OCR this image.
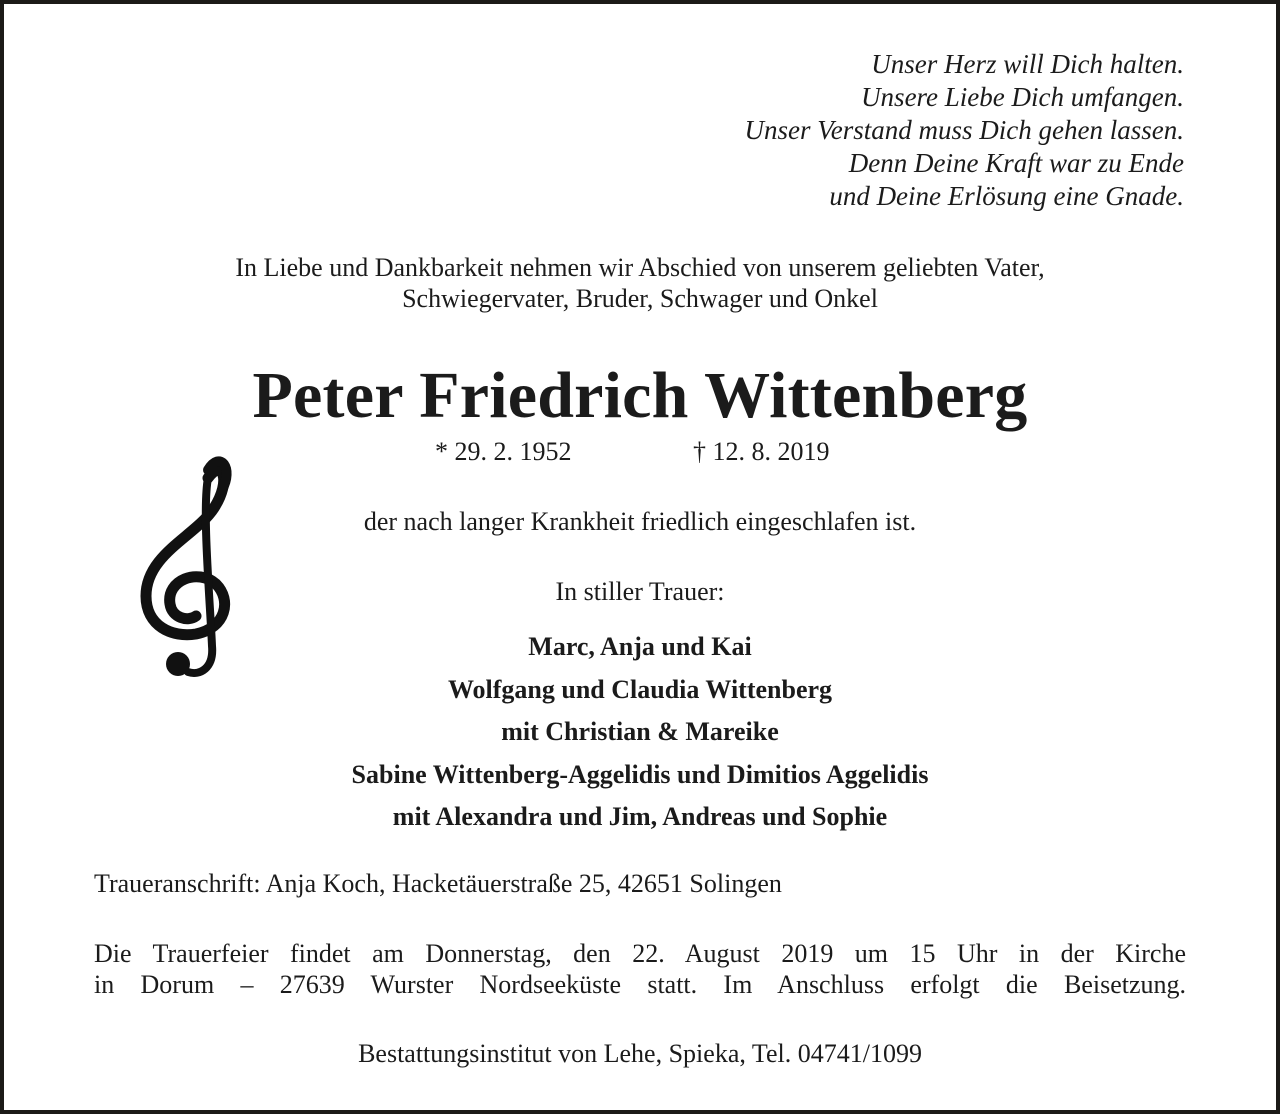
Unser Herz will Dich halten.
Unsere Liebe Dich umfangen.
Unser Verstand muss Dich gehen lassen.
Denn Deine Kraft war zu Ende
und Deine Erlösung eine Gnade.
In Liebe und Dankbarkeit nehmen wir Abschied von unserem geliebten Vater,
Schwiegervater, Bruder, Schwager und Onkel
Peter Friedrich Wittenberg
* 29. 2. 1952	† 12. 8. 2019
der nach langer Krankheit friedlich eingeschlafen ist.
In stiller Trauer:
Marc, Anja und Kai
Wolfgang und Claudia Wittenberg
mit Christian & Mareike
Sabine Wittenberg-Aggelidis und Dimitios Aggelidis
mit Alexandra und Jim, Andreas und Sophie
Traueranschrift: Anja Koch, Hacketäuerstraße 25, 42651 Solingen
Die Trauerfeier findet am Donnerstag, den 22. August 2019 um 15 Uhr in der Kirche
in Dorum – 27639 Wurster Nordseeküste statt. Im Anschluss erfolgt die Beisetzung.
Bestattungsinstitut von Lehe, Spieka, Tel. 04741/1099
